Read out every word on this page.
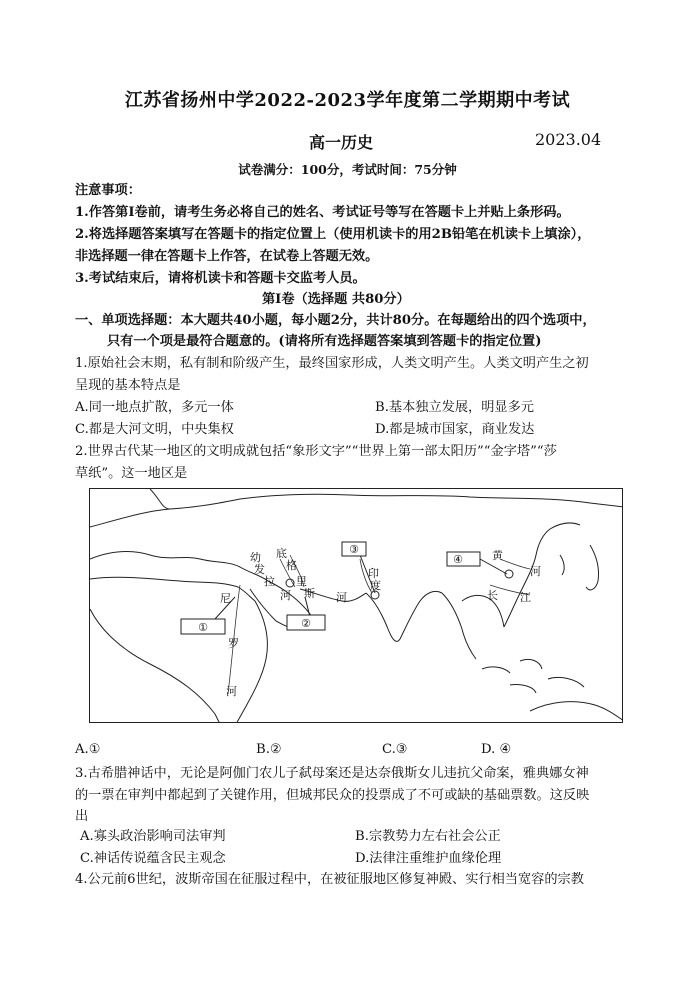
江苏省扬州中学2022-2023学年度第二学期期中考试
高一历史	2023.04
试卷满分：100分，考试时间：75分钟
注意事项：
1.作答第Ⅰ卷前，请考生务必将自己的姓名、考试证号等写在答题卡上并贴上条形码。
2.将选择题答案填写在答题卡的指定位置上（使用机读卡的用2B铅笔在机读卡上填涂），
非选择题一律在答题卡上作答，在试卷上答题无效。
3.考试结束后，请将机读卡和答题卡交监考人员。
第Ⅰ卷（选择题 共80分）
一、单项选择题：本大题共40小题，每小题2分，共计80分。在每题给出的四个选项中，
只有一个项是最符合题意的。(请将所有选择题答案填到答题卡的指定位置)
1.原始社会末期，私有制和阶级产生，最终国家形成，人类文明产生。人类文明产生之初
呈现的基本特点是
A.同一地点扩散，多元一体	B.基本独立发展，明显多元
C.都是大河文明，中央集权	D.都是城市国家，商业发达
2.世界古代某一地区的文明成就包括“象形文字”“世界上第一部太阳历”“金字塔”“莎
草纸”。这一地区是
①	②
③
④
尼
罗
河
幼
发
拉
底
格
里
斯
河
印
度
河
黄
河
长 江
A.①	B.②	C.③	D. ④
3.古希腊神话中，无论是阿伽门农儿子弑母案还是达奈俄斯女儿违抗父命案，雅典娜女神
的一票在审判中都起到了关键作用，但城邦民众的投票成了不可或缺的基础票数。这反映
出
A.寡头政治影响司法审判	B.宗教势力左右社会公正
C.神话传说蕴含民主观念	D.法律注重维护血缘伦理
4.公元前6世纪，波斯帝国在征服过程中，在被征服地区修复神殿、实行相当宽容的宗教
